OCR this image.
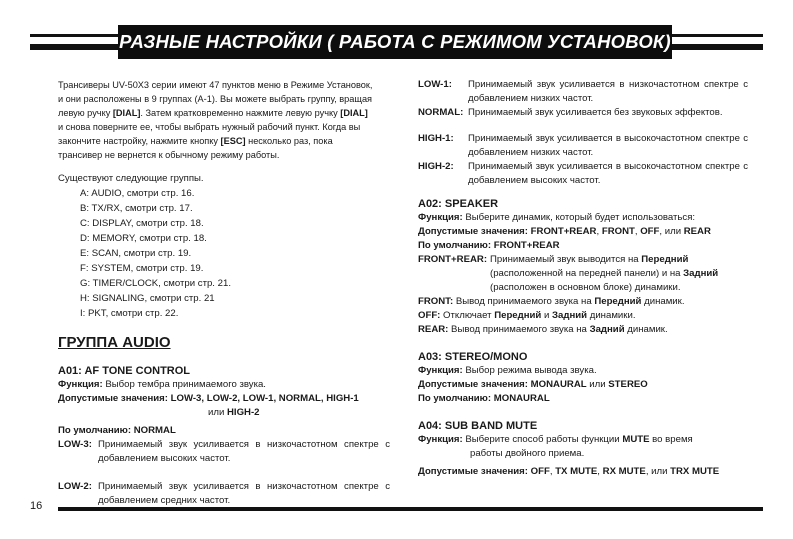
РАЗНЫЕ НАСТРОЙКИ ( РАБОТА С РЕЖИМОМ УСТАНОВОК)
Трансиверы UV-50X3 серии имеют 47 пунктов меню в Режиме Установок,
и они расположены в 9 группах (A-1). Вы можете выбрать группу, вращая
левую ручку [DIAL]. Затем кратковременно нажмите левую ручку [DIAL]
и снова поверните ее, чтобы выбрать нужный рабочий пункт. Когда вы
закончите настройку, нажмите кнопку [ESC] несколько раз, пока
трансивер не вернется к обычному режиму работы.
Существуют следующие группы.
A: AUDIO, смотри стр. 16.
B: TX/RX, смотри стр. 17.
C: DISPLAY, смотри стр. 18.
D: MEMORY, смотри стр. 18.
E: SCAN, смотри стр. 19.
F: SYSTEM, смотри стр. 19.
G: TIMER/CLOCK, смотри стр. 21.
H: SIGNALING, смотри стр. 21
I: PKT, смотри стр. 22.
ГРУППА AUDIO
A01: AF TONE CONTROL
Функция: Выбор тембра принимаемого звука.
Допустимые значения: LOW-3, LOW-2, LOW-1, NORMAL, HIGH-1
или HIGH-2
По умолчанию: NORMAL
LOW-3: Принимаемый звук усиливается в низкочастотном спектре с добавлением высоких частот.
LOW-2: Принимаемый звук усиливается в низкочастотном спектре с добавлением средних частот.
LOW-1:	Принимаемый звук усиливается в низкочастотном спектре с добавлением низких частот.
NORMAL: Принимаемый звук усиливается без звуковых эффектов.
HIGH-1:	Принимаемый звук усиливается в высокочастотном спектре с добавлением низких частот.
HIGH-2:	Принимаемый звук усиливается в высокочастотном спектре с добавлением высоких частот.
A02: SPEAKER
Функция: Выберите динамик, который будет использоваться:
Допустимые значения: FRONT+REAR, FRONT, OFF, или REAR
По умолчанию: FRONT+REAR
FRONT+REAR: Принимаемый звук выводится на Передний
(расположенной на передней панели) и на Задний
(расположен в основном блоке) динамики.
FRONT: Вывод принимаемого звука на Передний динамик.
OFF: Отключает Передний и Задний динамики.
REAR: Вывод принимаемого звука на Задний динамик.
A03: STEREO/MONO
Функция: Выбор режима вывода звука.
Допустимые значения: MONAURAL или STEREO
По умолчанию: MONAURAL
A04: SUB BAND MUTE
Функция: Выберите способ работы функции MUTE во время
работы двойного приема.
Допустимые значения: OFF, TX MUTE, RX MUTE, или TRX MUTE
16
